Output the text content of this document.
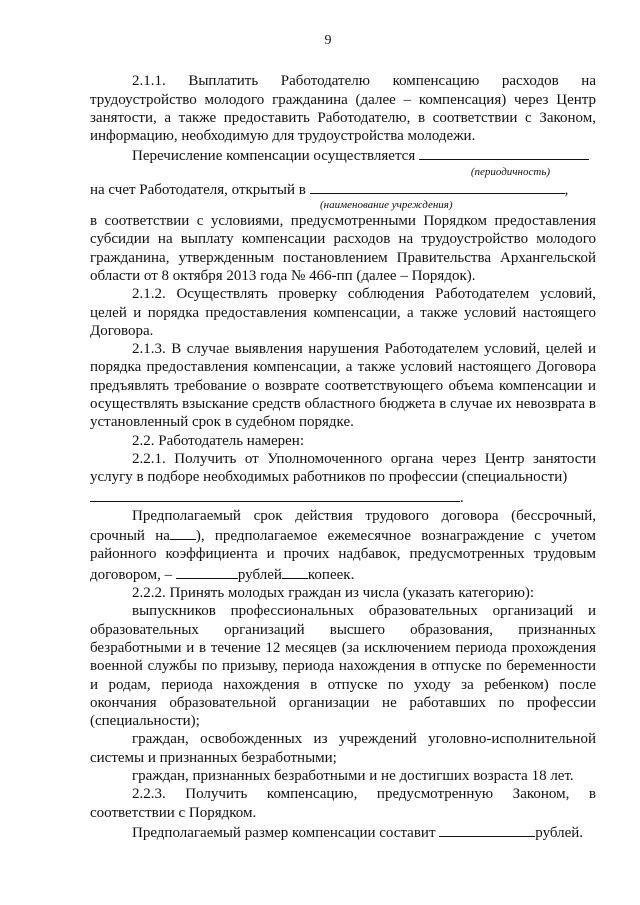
9

2.1.1. Выплатить Работодателю компенсацию расходов на трудоустройство молодого гражданина (далее – компенсация) через Центр занятости, а также предоставить Работодателю, в соответствии с Законом, информацию, необходимую для трудоустройства молодежи.

Перечисление компенсации осуществляется

(периодичность)

на счет Работодателя, открытый в	,

(наименование учреждения)

в соответствии с условиями, предусмотренными Порядком предоставления субсидии на выплату компенсации расходов на трудоустройство молодого гражданина, утвержденным постановлением Правительства Архангельской области от 8 октября 2013 года № 466-пп (далее – Порядок).

2.1.2. Осуществлять проверку соблюдения Работодателем условий, целей и порядка предоставления компенсации, а также условий настоящего Договора.

2.1.3. В случае выявления нарушения Работодателем условий, целей и порядка предоставления компенсации, а также условий настоящего Договора предъявлять требование о возврате соответствующего объема компенсации и осуществлять взыскание средств областного бюджета в случае их невозврата в установленный срок в судебном порядке.

2.2. Работодатель намерен:

2.2.1. Получить от Уполномоченного органа через Центр занятости услугу в подборе необходимых работников по профессии (специальности)

.

Предполагаемый срок действия трудового договора (бессрочный, срочный на ), предполагаемое ежемесячное вознаграждение с учетом районного коэффициента и прочих надбавок, предусмотренных трудовым договором, –	рублей копеек.

2.2.2. Принять молодых граждан из числа (указать категорию):

выпускников профессиональных образовательных организаций и образовательных организаций высшего образования, признанных безработными и в течение 12 месяцев (за исключением периода прохождения военной службы по призыву, периода нахождения в отпуске по беременности и родам, периода нахождения в отпуске по уходу за ребенком) после окончания образовательной организации не работавших по профессии (специальности);

граждан, освобожденных из учреждений уголовно-исполнительной системы и признанных безработными;

граждан, признанных безработными и не достигших возраста 18 лет.

2.2.3. Получить компенсацию, предусмотренную Законом, в соответствии с Порядком.

Предполагаемый размер компенсации составит	рублей.
